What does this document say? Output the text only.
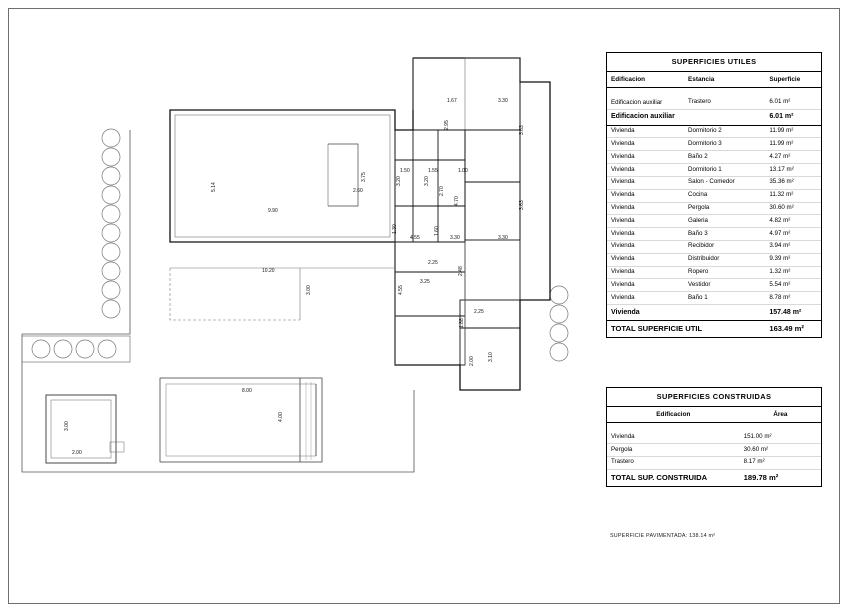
5.14
9.90
3.75
2.60
10.20
3.00
1.67	3.30
2.95
3.63
1.50	1.55	1.00
3.20	3.20
2.70
4.70	3.63
1.30
4.55
1.60
3.30	3.30
2.25
2.48
3.25
4.55
2.25
1.88
2.00	3.10
8.00
4.00
3.00
2.00
SUPERFICIES UTILES		
Edificacion	Estancia	Superficie

Edificacion auxiliar	Trastero	6.01 m²
Edificacion auxiliar		6.01 m²
Vivienda	Dormitorio 2	11.99 m²
Vivienda	Dormitorio 3	11.99 m²
Vivienda	Baño 2	4.27 m²
Vivienda	Dormitorio 1	13.17 m²
Vivienda	Salon - Comedor	35.36 m²
Vivienda	Cocina	11.32 m²
Vivienda	Pergola	30.60 m²
Vivienda	Galeria	4.82 m²
Vivienda	Baño 3	4.97 m²
Vivienda	Recibidor	3.94 m²
Vivienda	Distribuidor	9.39 m²
Vivienda	Ropero	1.32 m²
Vivienda	Vestidor	5.54 m²
Vivienda	Baño 1	8.78 m²
Vivienda		157.48 m²
TOTAL SUPERFICIE UTIL		163.49 m²
SUPERFICIES CONSTRUIDAS	
Edificacion	Área

Vivienda	151.00 m²
Pergola	30.60 m²
Trastero	8.17 m²
TOTAL SUP. CONSTRUIDA	189.78 m²
SUPERFICIE PAVIMENTADA: 138.14 m²
